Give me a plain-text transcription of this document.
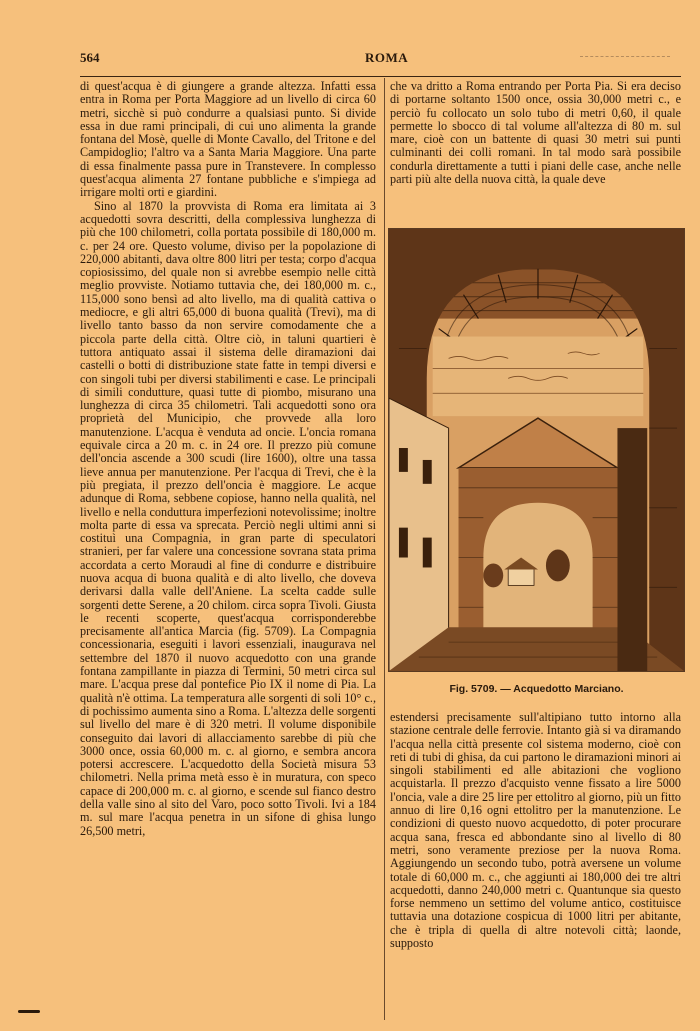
564	ROMA

di quest'acqua è di giungere a grande altezza. Infatti essa entra in Roma per Porta Maggiore ad un livello di circa 60 metri, sicchè si può condurre a qualsiasi punto. Si divide essa in due rami principali, di cui uno alimenta la grande fontana del Mosè, quelle di Monte Cavallo, del Tritone e del Campidoglio; l'altro va a Santa Maria Maggiore. Una parte di essa finalmente passa pure in Transtevere. In complesso quest'acqua alimenta 27 fontane pubbliche e s'impiega ad irrigare molti orti e giardini.

Sino al 1870 la provvista di Roma era limitata ai 3 acquedotti sovra descritti, della complessiva lunghezza di più che 100 chilometri, colla portata possibile di 180,000 m. c. per 24 ore. Questo volume, diviso per la popolazione di 220,000 abitanti, dava oltre 800 litri per testa; corpo d'acqua copiosissimo, del quale non si avrebbe esempio nelle città meglio provviste. Notiamo tuttavia che, dei 180,000 m. c., 115,000 sono bensì ad alto livello, ma di qualità cattiva o mediocre, e gli altri 65,000 di buona qualità (Trevi), ma di livello tanto basso da non servire comodamente che a piccola parte della città. Oltre ciò, in taluni quartieri è tuttora antiquato assai il sistema delle diramazioni dai castelli o botti di distribuzione state fatte in tempi diversi e con singoli tubi per diversi stabilimenti e case. Le principali di simili condutture, quasi tutte di piombo, misurano una lunghezza di circa 35 chilometri. Tali acquedotti sono ora proprietà del Municipio, che provvede alla loro manutenzione. L'acqua è venduta ad oncie. L'oncia romana equivale circa a 20 m. c. in 24 ore. Il prezzo più comune dell'oncia ascende a 300 scudi (lire 1600), oltre una tassa lieve annua per manutenzione. Per l'acqua di Trevi, che è la più pregiata, il prezzo dell'oncia è maggiore. Le acque adunque di Roma, sebbene copiose, hanno nella qualità, nel livello e nella conduttura imperfezioni notevolissime; inoltre molta parte di essa va sprecata. Perciò negli ultimi anni si costituì una Compagnia, in gran parte di speculatori stranieri, per far valere una concessione sovrana stata prima accordata a certo Moraudi al fine di condurre e distribuire nuova acqua di buona qualità e di alto livello, che doveva derivarsi dalla valle dell'Aniene. La scelta cadde sulle sorgenti dette Serene, a 20 chilom. circa sopra Tivoli. Giusta le recenti scoperte, quest'acqua corrisponderebbe precisamente all'antica Marcia (fig. 5709). La Compagnia concessionaria, eseguiti i lavori essenziali, inaugurava nel settembre del 1870 il nuovo acquedotto con una grande fontana zampillante in piazza di Termini, 50 metri circa sul mare. L'acqua prese dal pontefice Pio IX il nome di Pia. La qualità n'è ottima. La temperatura alle sorgenti di soli 10° c., di pochissimo aumenta sino a Roma. L'altezza delle sorgenti sul livello del mare è di 320 metri. Il volume disponibile conseguito dai lavori di allacciamento sarebbe di più che 3000 once, ossia 60,000 m. c. al giorno, e sembra ancora potersi accrescere. L'acquedotto della Società misura 53 chilometri. Nella prima metà esso è in muratura, con speco capace di 200,000 m. c. al giorno, e scende sul fianco destro della valle sino al sito del Varo, poco sotto Tivoli. Ivi a 184 m. sul mare l'acqua penetra in un sifone di ghisa lungo 26,500 metri,

che va dritto a Roma entrando per Porta Pia. Si era deciso di portarne soltanto 1500 once, ossia 30,000 metri c., e perciò fu collocato un solo tubo di metri 0,60, il quale permette lo sbocco di tal volume all'altezza di 80 m. sul mare, cioè con un battente di quasi 30 metri sui punti culminanti dei colli romani. In tal modo sarà possibile condurla direttamente a tutti i piani delle case, anche nelle parti più alte della nuova città, la quale deve

Fig. 5709. — Acquedotto Marciano.

estendersi precisamente sull'altipiano tutto intorno alla stazione centrale delle ferrovie. Intanto già si va diramando l'acqua nella città presente col sistema moderno, cioè con reti di tubi di ghisa, da cui partono le diramazioni minori ai singoli stabilimenti ed alle abitazioni che vogliono acquistarla. Il prezzo d'acquisto venne fissato a lire 5000 l'oncia, vale a dire 25 lire per ettolitro al giorno, più un fitto annuo di lire 0,16 ogni ettolitro per la manutenzione. Le condizioni di questo nuovo acquedotto, di poter procurare acqua sana, fresca ed abbondante sino al livello di 80 metri, sono veramente preziose per la nuova Roma. Aggiungendo un secondo tubo, potrà aversene un volume totale di 60,000 m. c., che aggiunti ai 180,000 dei tre altri acquedotti, danno 240,000 metri c. Quantunque sia questo forse nemmeno un settimo del volume antico, costituisce tuttavia una dotazione cospicua di 1000 litri per abitante, che è tripla di quella di altre notevoli città; laonde, supposto
